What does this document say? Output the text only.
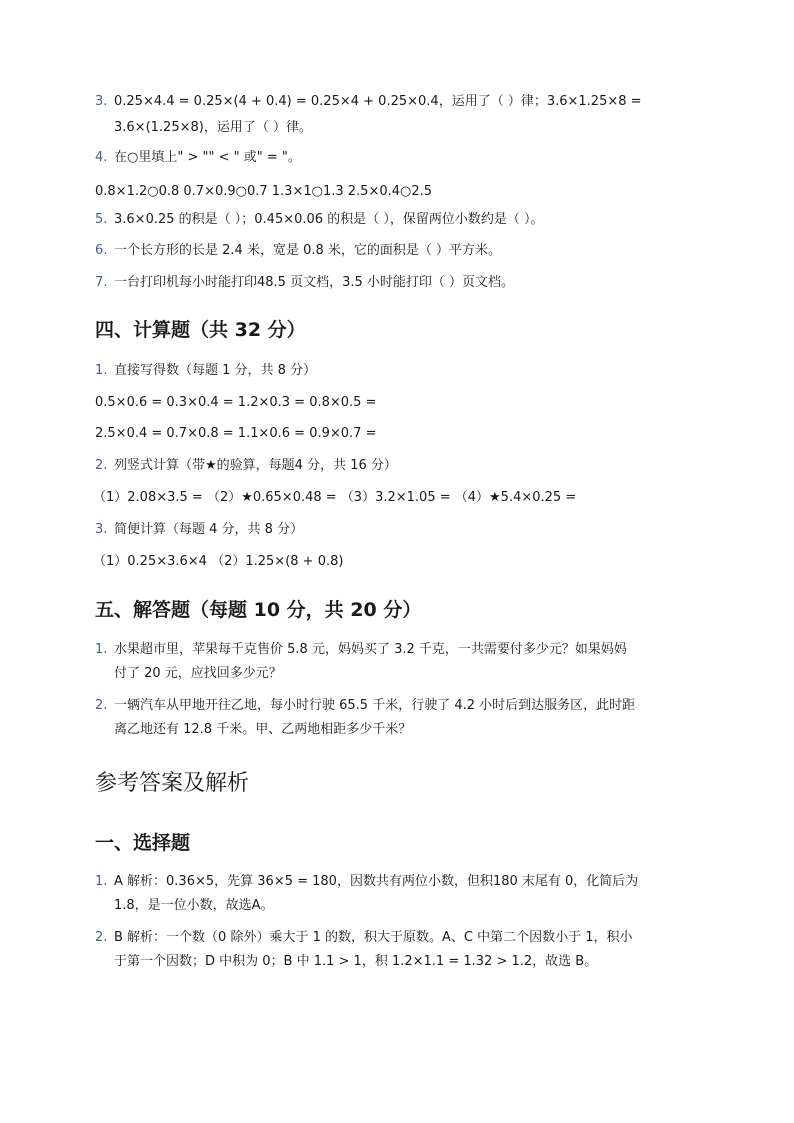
3. 0.25×4.4 = 0.25×(4 + 0.4) = 0.25×4 + 0.25×0.4，运用了（ ）律；3.6×1.25×8 =
3.6×(1.25×8)，运用了（ ）律。
4. 在○里填上" > "" < " 或" = "。
0.8×1.2○0.8 0.7×0.9○0.7 1.3×1○1.3 2.5×0.4○2.5
5. 3.6×0.25 的积是（ ）；0.45×0.06 的积是（ ），保留两位小数约是（ ）。
6. 一个长方形的长是 2.4 米，宽是 0.8 米，它的面积是（ ）平方米。
7. 一台打印机每小时能打印48.5 页文档，3.5 小时能打印（ ）页文档。
四、计算题（共 32 分）
1. 直接写得数（每题 1 分，共 8 分）
0.5×0.6 = 0.3×0.4 = 1.2×0.3 = 0.8×0.5 =
2.5×0.4 = 0.7×0.8 = 1.1×0.6 = 0.9×0.7 =
2. 列竖式计算（带★的验算，每题4 分，共 16 分）
（1）2.08×3.5 = （2）★0.65×0.48 = （3）3.2×1.05 = （4）★5.4×0.25 =
3. 简便计算（每题 4 分，共 8 分）
（1）0.25×3.6×4 （2）1.25×(8 + 0.8)
五、解答题（每题 10 分，共 20 分）
1. 水果超市里，苹果每千克售价 5.8 元，妈妈买了 3.2 千克，一共需要付多少元？如果妈妈
付了 20 元，应找回多少元？
2. 一辆汽车从甲地开往乙地，每小时行驶 65.5 千米，行驶了 4.2 小时后到达服务区，此时距
离乙地还有 12.8 千米。甲、乙两地相距多少千米？
参考答案及解析
一、选择题
1. A 解析：0.36×5，先算 36×5 = 180，因数共有两位小数，但积180 末尾有 0，化简后为
1.8，是一位小数，故选A。
2. B 解析：一个数（0 除外）乘大于 1 的数，积大于原数。A、C 中第二个因数小于 1，积小
于第一个因数；D 中积为 0；B 中 1.1 > 1，积 1.2×1.1 = 1.32 > 1.2，故选 B。
